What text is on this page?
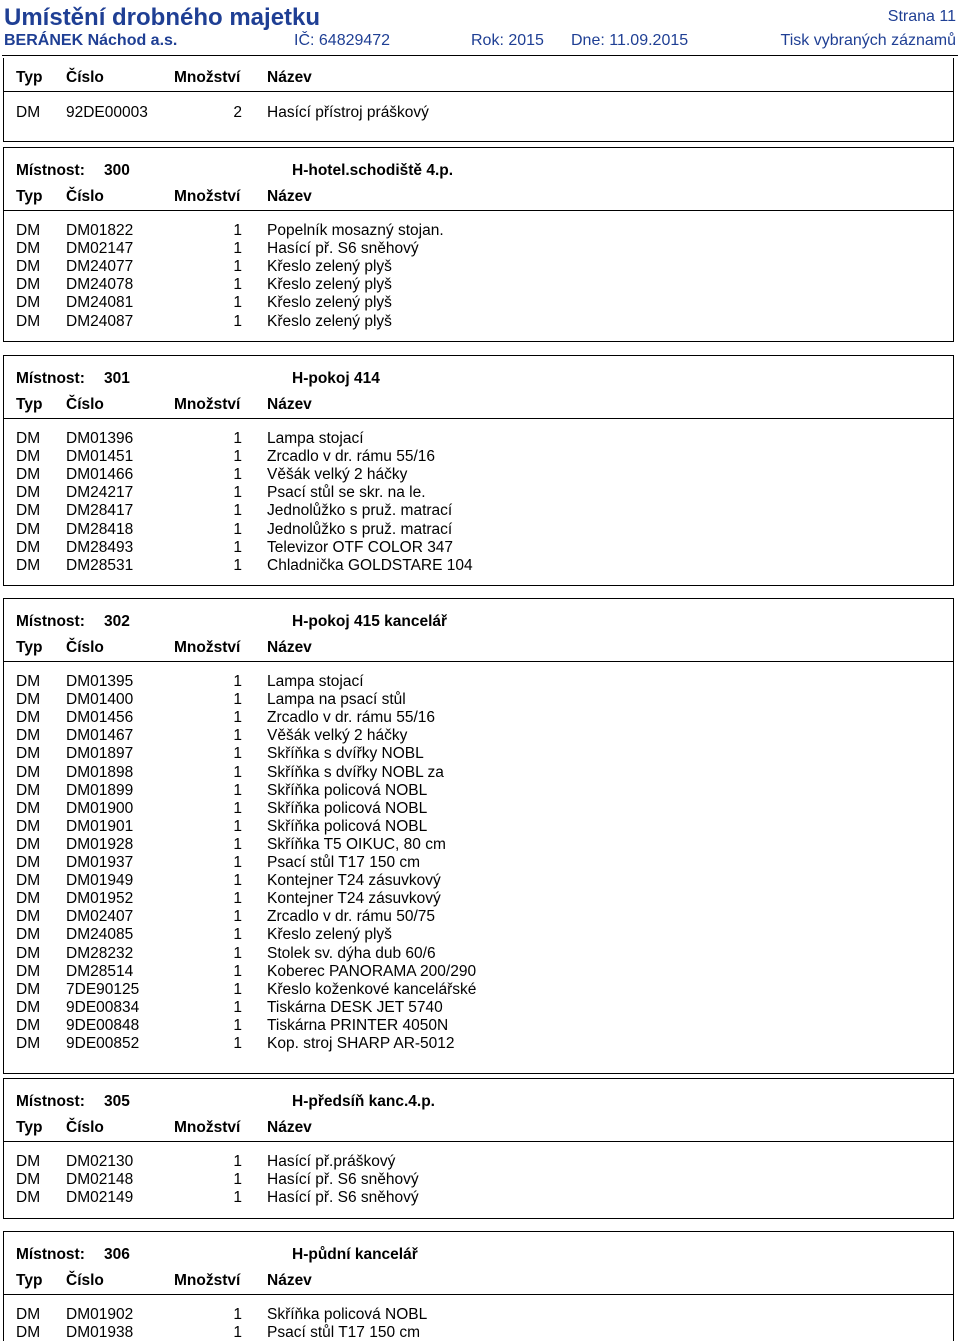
Umístění drobného majetku	Strana 11
BERÁNEK Náchod a.s.	IČ: 64829472	Rok: 2015 Dne: 11.09.2015	Tisk vybraných záznamů
Typ Číslo	Množství Název
DM 92DE00003	2 Hasící přístroj práškový
Místnost: 300	H-hotel.schodiště 4.p.
Typ Číslo	Množství Název
DM DM01822	1 Popelník mosazný stojan.
DM DM02147	1 Hasící př. S6 sněhový
DM DM24077	1 Křeslo zelený plyš
DM DM24078	1 Křeslo zelený plyš
DM DM24081	1 Křeslo zelený plyš
DM DM24087	1 Křeslo zelený plyš
Místnost: 301	H-pokoj 414
Typ Číslo	Množství Název
DM DM01396	1 Lampa stojací
DM DM01451	1 Zrcadlo v dr. rámu 55/16
DM DM01466	1 Věšák velký 2 háčky
DM DM24217	1 Psací stůl se skr. na le.
DM DM28417	1 Jednolůžko s pruž. matrací
DM DM28418	1 Jednolůžko s pruž. matrací
DM DM28493	1 Televizor OTF COLOR 347
DM DM28531	1 Chladnička GOLDSTARE 104
Místnost: 302	H-pokoj 415 kancelář
Typ Číslo	Množství Název
DM DM01395	1 Lampa stojací
DM DM01400	1 Lampa na psací stůl
DM DM01456	1 Zrcadlo v dr. rámu 55/16
DM DM01467	1 Věšák velký 2 háčky
DM DM01897	1 Skříňka s dvířky NOBL
DM DM01898	1 Skříňka s dvířky NOBL za
DM DM01899	1 Skříňka policová NOBL
DM DM01900	1 Skříňka policová NOBL
DM DM01901	1 Skříňka policová NOBL
DM DM01928	1 Skříňka T5 OIKUC, 80 cm
DM DM01937	1 Psací stůl T17 150 cm
DM DM01949	1 Kontejner T24 zásuvkový
DM DM01952	1 Kontejner T24 zásuvkový
DM DM02407	1 Zrcadlo v dr. rámu 50/75
DM DM24085	1 Křeslo zelený plyš
DM DM28232	1 Stolek sv. dýha dub 60/6
DM DM28514	1 Koberec PANORAMA 200/290
DM 7DE90125	1 Křeslo koženkové kancelářské
DM 9DE00834	1 Tiskárna DESK JET 5740
DM 9DE00848	1 Tiskárna PRINTER 4050N
DM 9DE00852	1 Kop. stroj SHARP AR-5012
Místnost: 305	H-předsíň kanc.4.p.
Typ Číslo	Množství Název
DM DM02130	1 Hasící př.práškový
DM DM02148	1 Hasící př. S6 sněhový
DM DM02149	1 Hasící př. S6 sněhový
Místnost: 306	H-půdní kancelář
Typ Číslo	Množství Název
DM DM01902	1 Skříňka policová NOBL
DM DM01938	1 Psací stůl T17 150 cm
